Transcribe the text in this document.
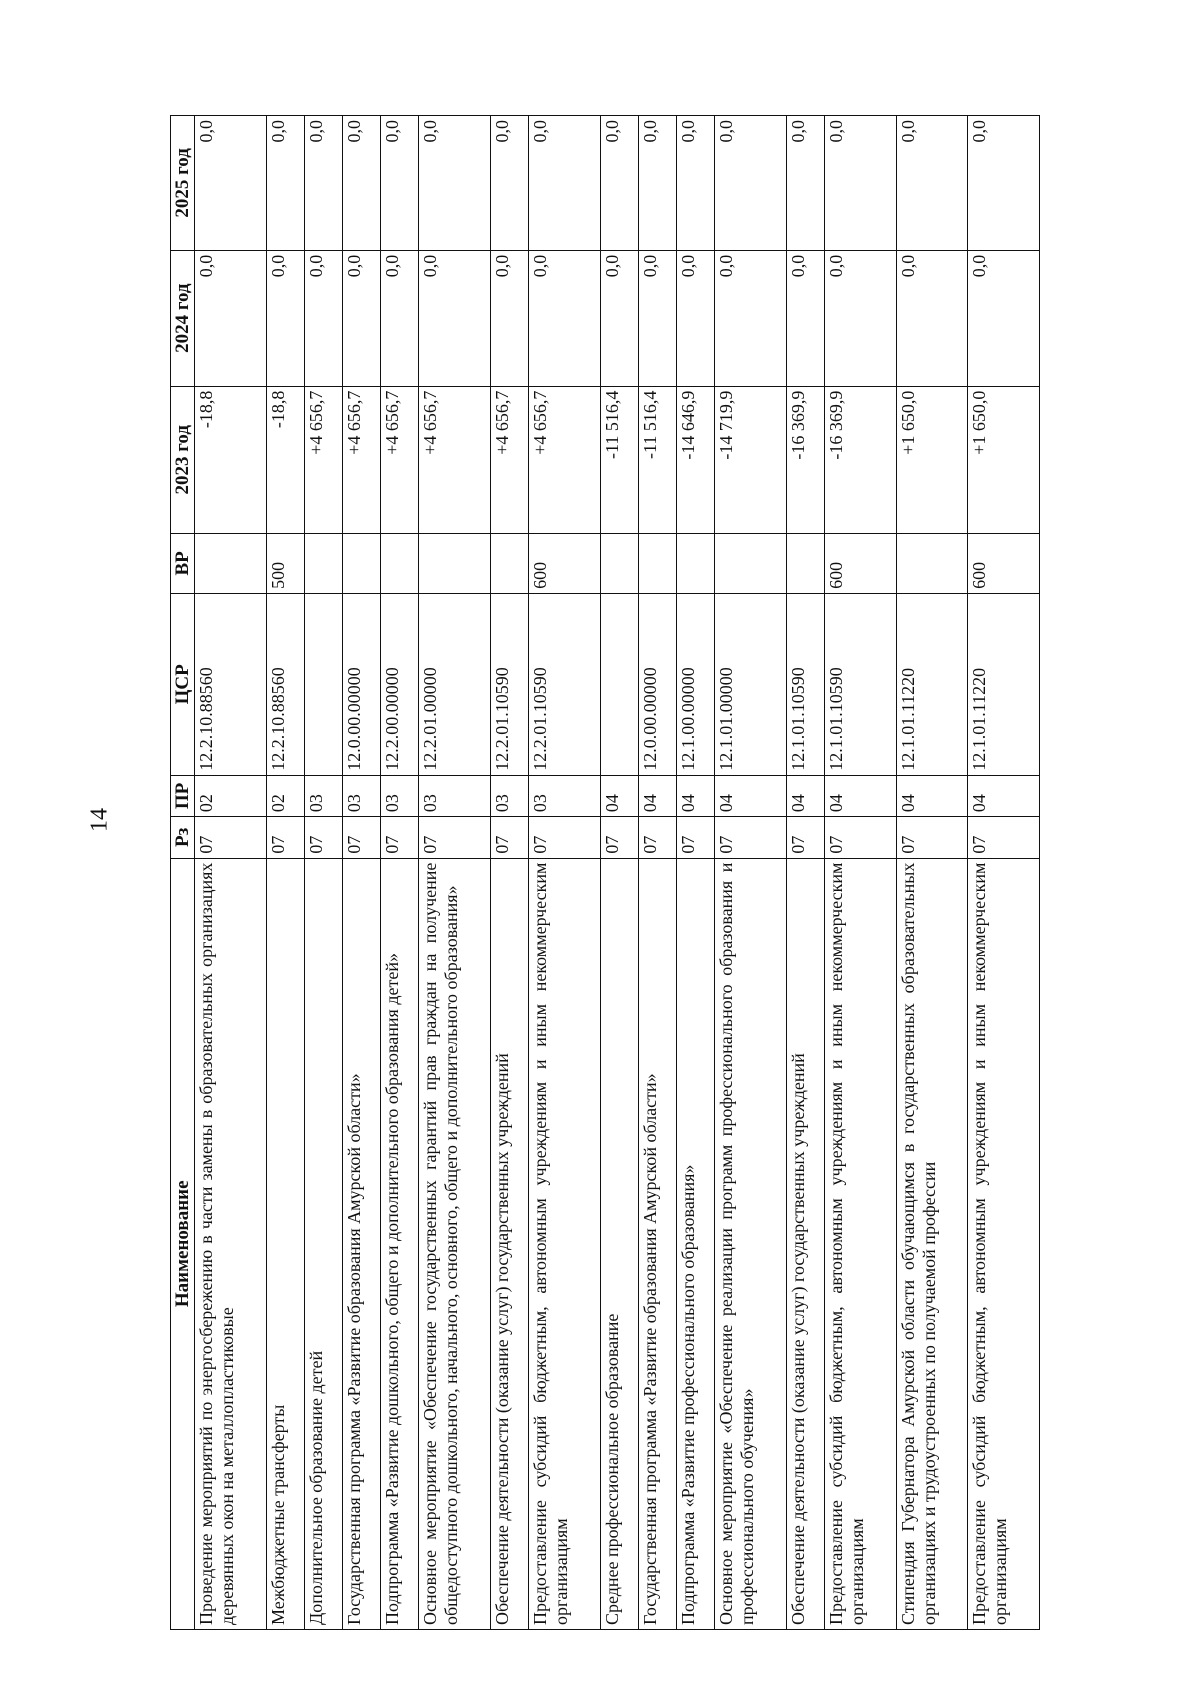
14
Наименование	Рз	ПР	ЦСР	ВР	2023 год	2024 год	2025 год
Проведение мероприятий по энергосбережению в части замены в образовательных организациях деревянных окон на металлопластиковые	07	02	12.2.10.88560		-18,8	0,0	0,0
Межбюджетные трансферты	07	02	12.2.10.88560	500	-18,8	0,0	0,0
Дополнительное образование детей	07	03			+4 656,7	0,0	0,0
Государственная программа «Развитие образования Амурской области»	07	03	12.0.00.00000		+4 656,7	0,0	0,0
Подпрограмма «Развитие дошкольного, общего и дополнительного образования детей»	07	03	12.2.00.00000		+4 656,7	0,0	0,0
Основное мероприятие «Обеспечение государственных гарантий прав граждан на получение общедоступного дошкольного, начального, основного, общего и дополнительного образования»	07	03	12.2.01.00000		+4 656,7	0,0	0,0
Обеспечение деятельности (оказание услуг) государственных учреждений	07	03	12.2.01.10590		+4 656,7	0,0	0,0
Предоставление субсидий бюджетным, автономным учреждениям и иным некоммерческим организациям	07	03	12.2.01.10590	600	+4 656,7	0,0	0,0
Среднее профессиональное образование	07	04			-11 516,4	0,0	0,0
Государственная программа «Развитие образования Амурской области»	07	04	12.0.00.00000		-11 516,4	0,0	0,0
Подпрограмма «Развитие профессионального образования»	07	04	12.1.00.00000		-14 646,9	0,0	0,0
Основное мероприятие «Обеспечение реализации программ профессионального образования и профессионального обучения»	07	04	12.1.01.00000		-14 719,9	0,0	0,0
Обеспечение деятельности (оказание услуг) государственных учреждений	07	04	12.1.01.10590		-16 369,9	0,0	0,0
Предоставление субсидий бюджетным, автономным учреждениям и иным некоммерческим организациям	07	04	12.1.01.10590	600	-16 369,9	0,0	0,0
Стипендия Губернатора Амурской области обучающимся в государственных образовательных организациях и трудоустроенных по получаемой профессии	07	04	12.1.01.11220		+1 650,0	0,0	0,0
Предоставление субсидий бюджетным, автономным учреждениям и иным некоммерческим организациям	07	04	12.1.01.11220	600	+1 650,0	0,0	0,0
